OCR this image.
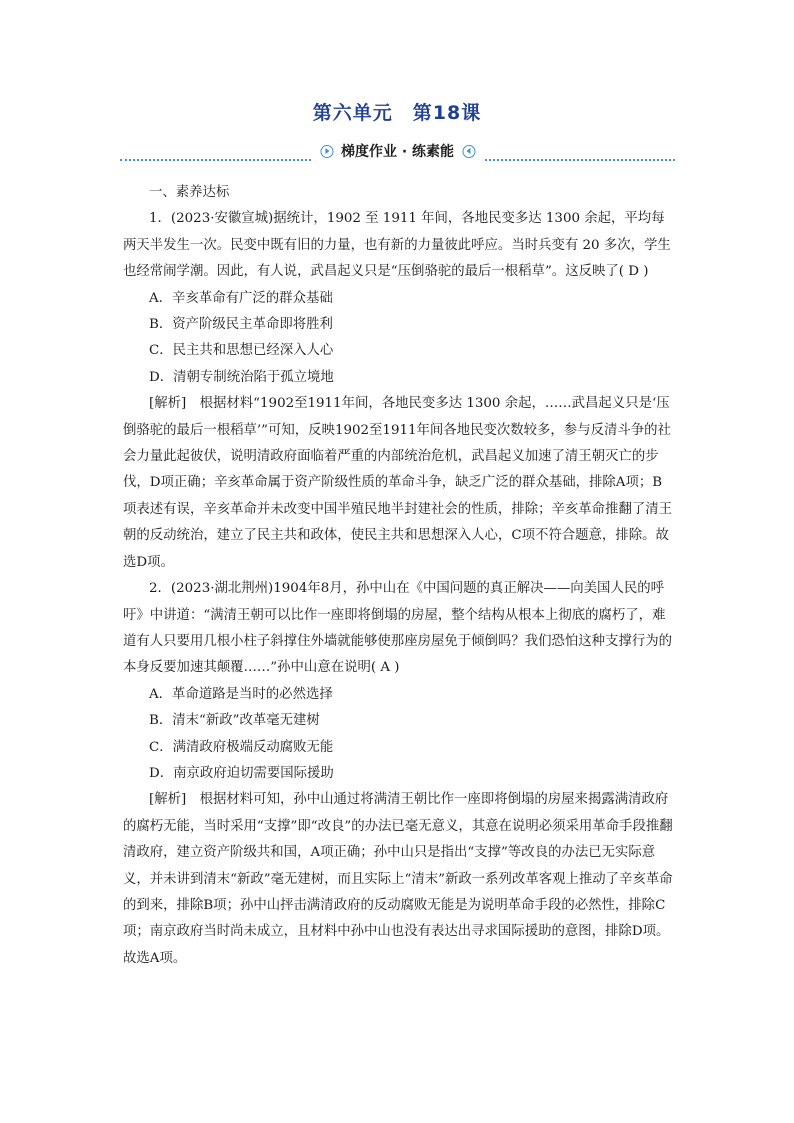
第六单元　第18课
梯度作业 · 练素能

一、素养达标

1．(2023·安徽宣城)据统计，1902 至 1911 年间，各地民变多达 1300 余起，平均每两天半发生一次。民变中既有旧的力量，也有新的力量彼此呼应。当时兵变有 20 多次，学生也经常闹学潮。因此，有人说，武昌起义只是“压倒骆驼的最后一根稻草”。这反映了( D )

A．辛亥革命有广泛的群众基础

B．资产阶级民主革命即将胜利

C．民主共和思想已经深入人心

D．清朝专制统治陷于孤立境地

[解析]　 根据材料“1902至1911年间，各地民变多达 1300 余起，……武昌起义只是‘压倒骆驼的最后一根稻草’”可知，反映1902至1911年间各地民变次数较多，参与反清斗争的社会力量此起彼伏，说明清政府面临着严重的内部统治危机，武昌起义加速了清王朝灭亡的步伐，D项正确；辛亥革命属于资产阶级性质的革命斗争，缺乏广泛的群众基础，排除A项；B项表述有误，辛亥革命并未改变中国半殖民地半封建社会的性质，排除；辛亥革命推翻了清王朝的反动统治，建立了民主共和政体，使民主共和思想深入人心，C项不符合题意，排除。故选D项。

2．(2023·湖北荆州)1904年8月，孙中山在《中国问题的真正解决——向美国人民的呼吁》中讲道：“满清王朝可以比作一座即将倒塌的房屋，整个结构从根本上彻底的腐朽了，难道有人只要用几根小柱子斜撑住外墙就能够使那座房屋免于倾倒吗？我们恐怕这种支撑行为的本身反要加速其颠覆……”孙中山意在说明( A )

A．革命道路是当时的必然选择

B．清末“新政”改革毫无建树

C．满清政府极端反动腐败无能

D．南京政府迫切需要国际援助

[解析]　 根据材料可知，孙中山通过将满清王朝比作一座即将倒塌的房屋来揭露满清政府的腐朽无能，当时采用“支撑”即“改良”的办法已毫无意义，其意在说明必须采用革命手段推翻清政府，建立资产阶级共和国，A项正确；孙中山只是指出“支撑”等改良的办法已无实际意义，并未讲到清末“新政”毫无建树，而且实际上“清末”新政一系列改革客观上推动了辛亥革命的到来，排除B项；孙中山抨击满清政府的反动腐败无能是为说明革命手段的必然性，排除C项；南京政府当时尚未成立，且材料中孙中山也没有表达出寻求国际援助的意图，排除D项。故选A项。
